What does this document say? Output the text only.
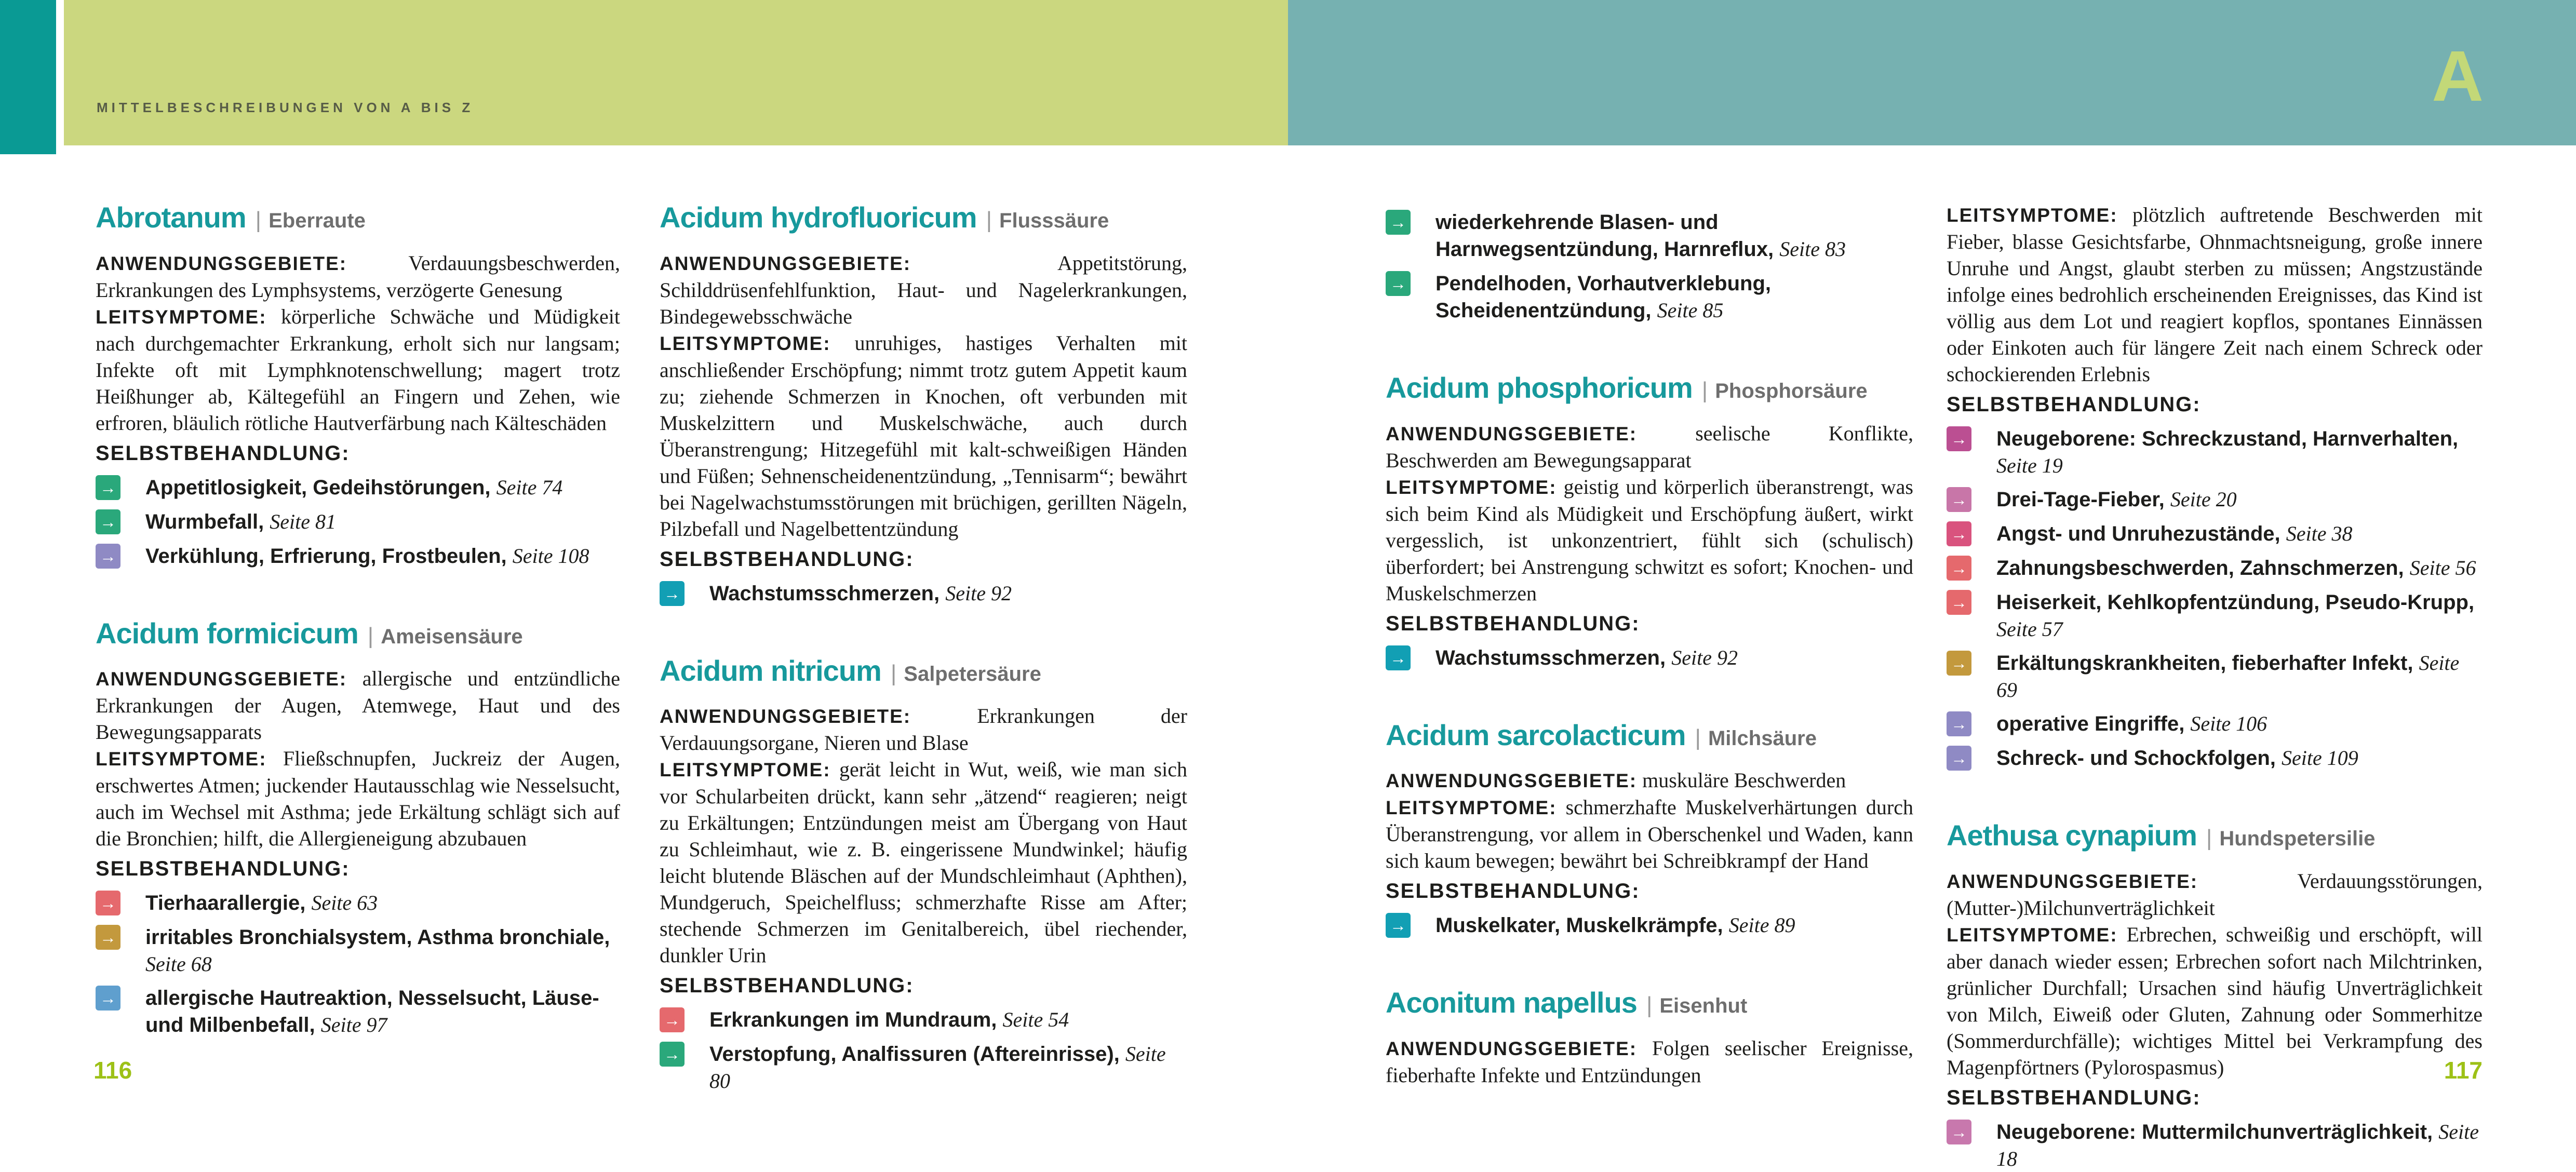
MITTELBESCHREIBUNGEN VON A BIS Z	A
Abrotanum | Eberraute

ANWENDUNGSGEBIETE: Verdauungsbeschwerden, Erkrankungen des Lymphsystems, verzögerte Genesung

LEITSYMPTOME: körperliche Schwäche und Müdigkeit nach durchgemachter Erkrankung, erholt sich nur langsam; Infekte oft mit Lymphknotenschwellung; magert trotz Heißhunger ab, Kältegefühl an Fingern und Zehen, wie erfroren, bläulich rötliche Hautverfärbung nach Kälteschäden

SELBSTBEHANDLUNG:

→ Appetitlosigkeit, Gedeihstörungen, Seite 74
→ Wurmbefall, Seite 81
→ Verkühlung, Erfrierung, Frostbeulen, Seite 108
Acidum formicicum | Ameisensäure

ANWENDUNGSGEBIETE: allergische und entzündliche Erkrankungen der Augen, Atemwege, Haut und des Bewegungsapparats

LEITSYMPTOME: Fließschnupfen, Juckreiz der Augen, erschwertes Atmen; juckender Hautausschlag wie Nesselsucht, auch im Wechsel mit Asthma; jede Erkältung schlägt sich auf die Bronchien; hilft, die Allergieneigung abzubauen

SELBSTBEHANDLUNG:

→ Tierhaarallergie, Seite 63
→ irritables Bronchialsystem, Asthma bronchiale, Seite 68
→ allergische Hautreaktion, Nesselsucht, Läuse- und Milbenbefall, Seite 97
Acidum hydrofluoricum | Flusssäure

ANWENDUNGSGEBIETE: Appetitstörung, Schilddrüsenfehlfunktion, Haut- und Nagelerkrankungen, Bindegewebsschwäche

LEITSYMPTOME: unruhiges, hastiges Verhalten mit anschließender Erschöpfung; nimmt trotz gutem Appetit kaum zu; ziehende Schmerzen in Knochen, oft verbunden mit Muskelzittern und Muskelschwäche, auch durch Überanstrengung; Hitzegefühl mit kalt-schweißigen Händen und Füßen; Sehnenscheidenentzündung, „Tennisarm“; bewährt bei Nagelwachstumsstörungen mit brüchigen, gerillten Nägeln, Pilzbefall und Nagelbettentzündung

SELBSTBEHANDLUNG:

→ Wachstumsschmerzen, Seite 92
Acidum nitricum | Salpetersäure

ANWENDUNGSGEBIETE: Erkrankungen der Verdauungsorgane, Nieren und Blase

LEITSYMPTOME: gerät leicht in Wut, weiß, wie man sich vor Schularbeiten drückt, kann sehr „ätzend“ reagieren; neigt zu Erkältungen; Entzündungen meist am Übergang von Haut zu Schleimhaut, wie z. B. eingerissene Mundwinkel; häufig leicht blutende Bläschen auf der Mundschleimhaut (Aphthen), Mundgeruch, Speichelfluss; schmerzhafte Risse am After; stechende Schmerzen im Genitalbereich, übel riechender, dunkler Urin

SELBSTBEHANDLUNG:

→ Erkrankungen im Mundraum, Seite 54
→ Verstopfung, Analfissuren (Aftereinrisse), Seite 80
→ wiederkehrende Blasen- und Harnwegsentzündung, Harnreflux, Seite 83
→ Pendelhoden, Vorhautverklebung, Scheidenentzündung, Seite 85
Acidum phosphoricum | Phosphorsäure

ANWENDUNGSGEBIETE: seelische Konflikte, Beschwerden am Bewegungsapparat

LEITSYMPTOME: geistig und körperlich überanstrengt, was sich beim Kind als Müdigkeit und Erschöpfung äußert, wirkt vergesslich, ist unkonzentriert, fühlt sich (schulisch) überfordert; bei Anstrengung schwitzt es sofort; Knochen- und Muskelschmerzen

SELBSTBEHANDLUNG:

→ Wachstumsschmerzen, Seite 92
Acidum sarcolacticum | Milchsäure

ANWENDUNGSGEBIETE: muskuläre Beschwerden

LEITSYMPTOME: schmerzhafte Muskelverhärtungen durch Überanstrengung, vor allem in Oberschenkel und Waden, kann sich kaum bewegen; bewährt bei Schreibkrampf der Hand

SELBSTBEHANDLUNG:

→ Muskelkater, Muskelkrämpfe, Seite 89
Aconitum napellus | Eisenhut

ANWENDUNGSGEBIETE: Folgen seelischer Ereignisse, fieberhafte Infekte und Entzündungen

LEITSYMPTOME: plötzlich auftretende Beschwerden mit Fieber, blasse Gesichtsfarbe, Ohnmachtsneigung, große innere Unruhe und Angst, glaubt sterben zu müssen; Angstzustände infolge eines bedrohlich erscheinenden Ereignisses, das Kind ist völlig aus dem Lot und reagiert kopflos, spontanes Einnässen oder Einkoten auch für längere Zeit nach einem Schreck oder schockierenden Erlebnis

SELBSTBEHANDLUNG:

→ Neugeborene: Schreckzustand, Harnverhalten, Seite 19
→ Drei-Tage-Fieber, Seite 20
→ Angst- und Unruhezustände, Seite 38
→ Zahnungsbeschwerden, Zahnschmerzen, Seite 56
→ Heiserkeit, Kehlkopfentzündung, Pseudo-Krupp, Seite 57
→ Erkältungskrankheiten, fieberhafter Infekt, Seite 69
→ operative Eingriffe, Seite 106
→ Schreck- und Schockfolgen, Seite 109
Aethusa cynapium | Hundspetersilie

ANWENDUNGSGEBIETE: Verdauungsstörungen, (Mutter-)Milchunverträglichkeit

LEITSYMPTOME: Erbrechen, schweißig und erschöpft, will aber danach wieder essen; Erbrechen sofort nach Milchtrinken, grünlicher Durchfall; Ursachen sind häufig Unverträglichkeit von Milch, Eiweiß oder Gluten, Zahnung oder Sommerhitze (Sommerdurchfälle); wichtiges Mittel bei Verkrampfung des Magenpförtners (Pylorospasmus)

SELBSTBEHANDLUNG:

→ Neugeborene: Muttermilchunverträglichkeit, Seite 18
116	117
